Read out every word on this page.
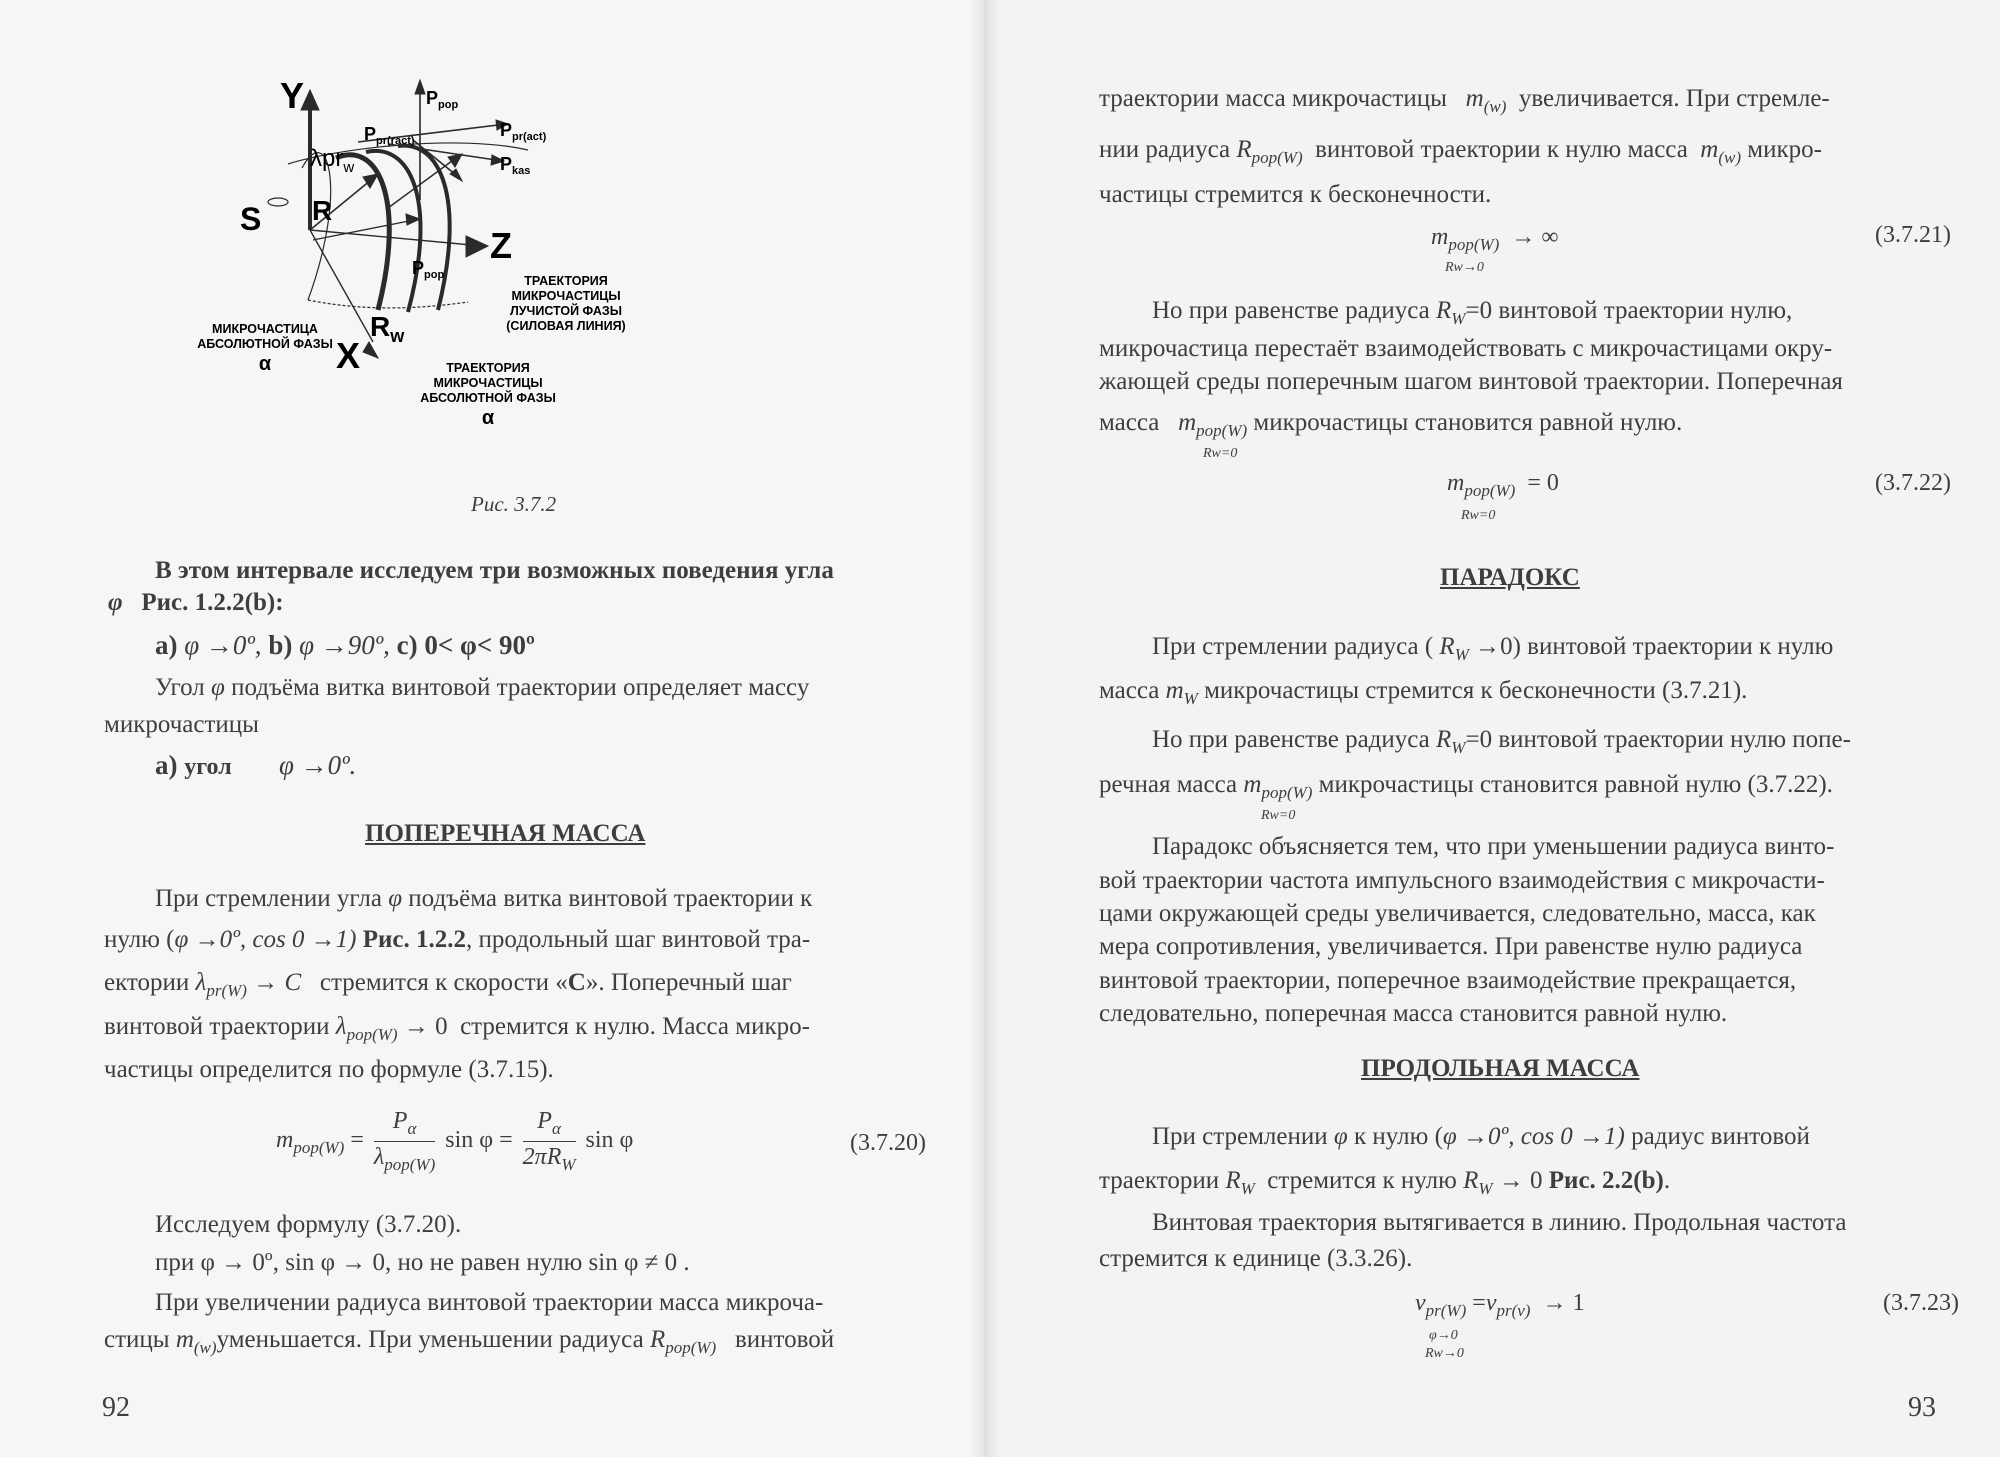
Y
Z
X
S R
$R_w$
λpr$_w$
$P_{pop}$
$P_{pr(ract)}$
$P_{pr(act)}$
$P_{kas}$
$P_{pop}$	ТРАЕКТОРИЯ
МИКРОЧАСТИЦЫ
ЛУЧИСТОЙ ФАЗЫ
(СИЛОВАЯ ЛИНИЯ)
МИКРОЧАСТИЦА
АБСОЛЮТНОЙ ФАЗЫ
α	ТРАЕКТОРИЯ
МИКРОЧАСТИЦЫ
АБСОЛЮТНОЙ ФАЗЫ
α
Рис. 3.7.2
В этом интервале исследуем три возможных поведения угла
φ Рис. 1.2.2(b):
а) φ →0º, b) φ →90º, с) 0< φ< 90º
Угол φ подъёма витка винтовой траектории определяет массу
микрочастицы
а) угол φ →0º.
ПОПЕРЕЧНАЯ МАССА
При стремлении угла φ подъёма витка винтовой траектории к
нулю (φ →0º, cos 0 →1) Рис. 1.2.2, продольный шаг винтовой тра-
ектории $\lambda_{pr(W)} \to C$ стремится к скорости «С». Поперечный шаг
винтовой траектории $\lambda_{pop(W)} \to 0$ стремится к нулю. Масса микро-
частицы определится по формуле (3.7.15).
$m_{pop(W)} = \frac{P_\alpha}{\lambda_{pop(W)}}$ $\sin \varphi = \frac{P_\alpha}{2\pi R_W}$ sin φ	(3.7.20)
Исследуем формулу (3.7.20).
при φ → 0º, sin φ → 0, но не равен нулю sin φ ≠ 0 .
При увеличении радиуса винтовой траектории масса микроча-
стицы $m_{(w)}уменьшается$. При уменьшении радиуса $R_{pop(W)}$ винтовой
92
траектории масса микрочастицы $m_{(w)}$ увеличивается. При стремле-
нии радиуса $R_{pop(W)}$ винтовой траектории к нулю масса $m_{(w)}$ микро-
частицы стремится к бесконечности.
$m_{pop(W)}$ → ∞
Rw→0
(3.7.21)
Но при равенстве радиуса $R_W=0$ винтовой траектории нулю,
микрочастица перестаёт взаимодействовать с микрочастицами окру-
жающей среды поперечным шагом винтовой траектории. Поперечная
масса $m_{pop(W)}$ микрочастицы становится равной нулю.
Rw=0
$m_{pop(W)} = 0$
Rw=0
(3.7.22)
ПАРАДОКС
При стремлении радиуса ( $R_W \to 0$) винтовой траектории к нулю
масса $m_W$ микрочастицы стремится к бесконечности (3.7.21).
Но при равенстве радиуса $R_W=0$ винтовой траектории нулю попе-
речная масса $m_{pop(W)}$ микрочастицы становится равной нулю (3.7.22).
Rw=0
Парадокс объясняется тем, что при уменьшении радиуса винто-
вой траектории частота импульсного взаимодействия с микрочасти-
цами окружающей среды увеличивается, следовательно, масса, как
мера сопротивления, увеличивается. При равенстве нулю радиуса
винтовой траектории, поперечное взаимодействие прекращается,
следовательно, поперечная масса становится равной нулю.
ПРОДОЛЬНАЯ МАССА
При стремлении φ к нулю (φ →0º, cos 0 →1) радиус винтовой
траектории $R_W$ стремится к нулю $R_W \to 0$ Рис. 2.2(b).
Винтовая траектория вытягивается в линию. Продольная частота
стремится к единице (3.3.26).
$\nu_{pr(W)} =\nu_{pr(\nu)} \to 1$
φ→0
Rw→0
(3.7.23)
93
